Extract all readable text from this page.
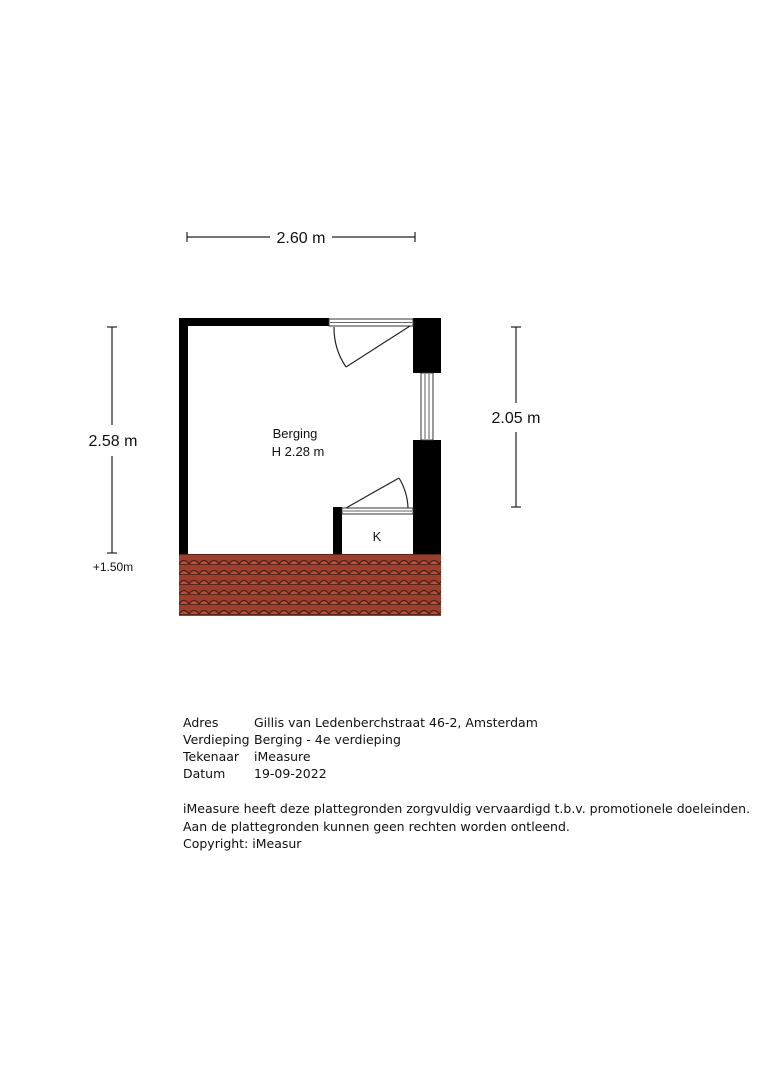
2.60 m
2.58 m
+1.50m
2.05 m
Berging
H 2.28 m
K
Adres	Gillis van Ledenberchstraat 46-2, Amsterdam
Verdieping Berging - 4e verdieping
Tekenaar	iMeasure
Datum	19-09-2022
iMeasure heeft deze plattegronden zorgvuldig vervaardigd t.b.v. promotionele doeleinden.
Aan de plattegronden kunnen geen rechten worden ontleend.
Copyright: iMeasur
